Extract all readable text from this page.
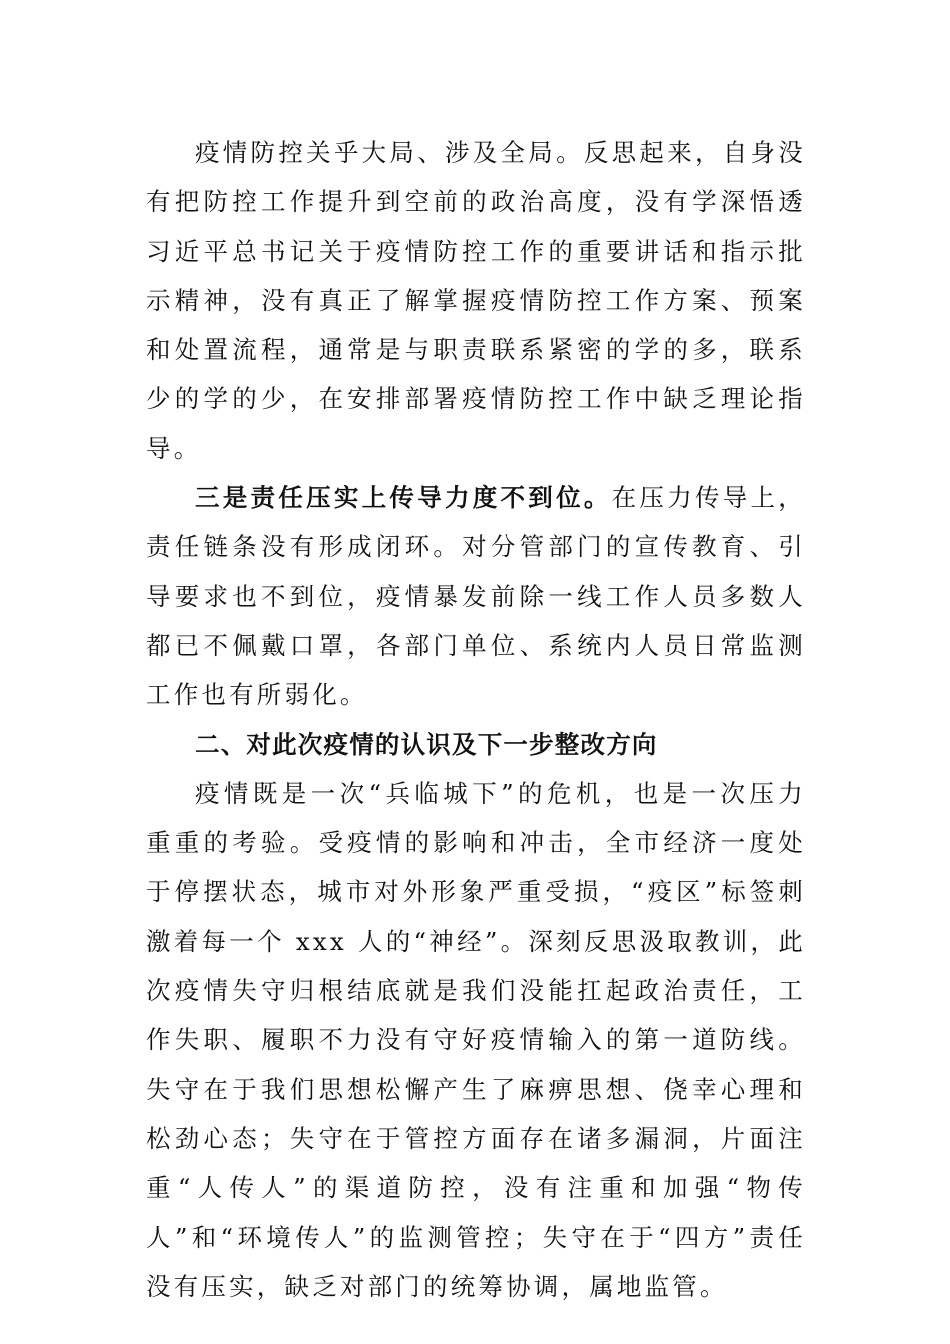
疫情防控关乎大局、涉及全局。反思起来，自身没有把防控工作提升到空前的政治高度，没有学深悟透习近平总书记关于疫情防控工作的重要讲话和指示批示精神，没有真正了解掌握疫情防控工作方案、预案和处置流程，通常是与职责联系紧密的学的多，联系少的学的少，在安排部署疫情防控工作中缺乏理论指导。

三是责任压实上传导力度不到位。在压力传导上，责任链条没有形成闭环。对分管部门的宣传教育、引导要求也不到位，疫情暴发前除一线工作人员多数人都已不佩戴口罩，各部门单位、系统内人员日常监测工作也有所弱化。

二、对此次疫情的认识及下一步整改方向

疫情既是一次“兵临城下”的危机，也是一次压力重重的考验。受疫情的影响和冲击，全市经济一度处于停摆状态，城市对外形象严重受损，“疫区”标签刺激着每一个 xxx 人的“神经”。深刻反思汲取教训，此次疫情失守归根结底就是我们没能扛起政治责任，工作失职、履职不力没有守好疫情输入的第一道防线。失守在于我们思想松懈产生了麻痹思想、侥幸心理和松劲心态；失守在于管控方面存在诸多漏洞，片面注重“人传人”的渠道防控，没有注重和加强“物传人”和“环境传人”的监测管控；失守在于“四方”责任没有压实，缺乏对部门的统筹协调，属地监管。
